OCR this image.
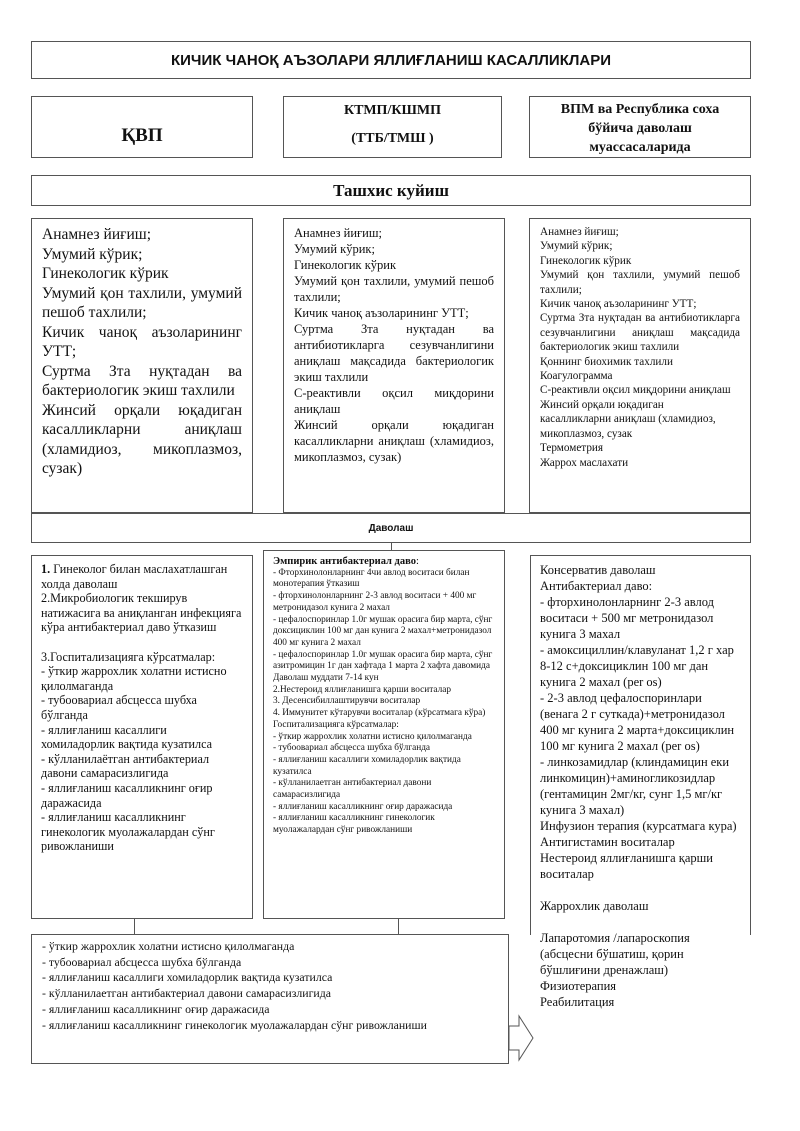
КИЧИК ЧАНОҚ АЪЗОЛАРИ ЯЛЛИҒЛАНИШ КАСАЛЛИКЛАРИ
ҚВП
КТМП/КШМП
(ТТБ/ТМШ )
ВПМ ва Республика соха бўйича даволаш муассасаларида
Ташхис куйиш
Анамнез йиғиш;
Умумий кўрик;
Гинекологик кўрик
Умумий қон тахлили, умумий пешоб тахлили;
Кичик чаноқ аъзоларининг УТТ;
Суртма Зта нуқтадан ва бактериологик экиш тахлили
Жинсий орқали юқадиган касалликларни аниқлаш (хламидиоз, микоплазмоз, сузак)
Анамнез йиғиш;
Умумий кўрик;
Гинекологик кўрик
Умумий қон тахлили, умумий пешоб тахлили;
Кичик чаноқ аъзоларининг УТТ;
Суртма Зта нуқтадан ва антибиотикларга сезувчанлигини аниқлаш мақсадида бактериологик экиш тахлили
С-реактивли оқсил миқдорини аниқлаш
Жинсий орқали юқадиган касалликларни аниқлаш (хламидиоз, микоплазмоз, сузак)
Анамнез йиғиш;
Умумий кўрик;
Гинекологик кўрик
Умумий қон тахлили, умумий пешоб тахлили;
Кичик чаноқ аъзоларининг УТТ;
Суртма Зта нуқтадан ва антибиотикларга сезувчанлигини аниқлаш мақсадида бактериологик экиш тахлили
Қоннинг биохимик тахлили
Коагулограмма
С-реактивли оқсил миқдорини аниқлаш
Жинсий орқали юқадиган
касалликларни аниқлаш (хламидиоз,
микоплазмоз, сузак
Термометрия
Жаррох маслахати
Даволаш
1. Гинеколог билан маслахатлашган холда даволаш
2.Микробиологик текширув натижасига ва аниқланган инфекцияга кўра антибактериал даво ўтказиш

3.Госпитализацияга кўрсатмалар:
- ўткир жаррохлик холатни истисно қилолмаганда
- тубоовариал абсцесса шубха бўлганда
- яллиғланиш касаллиги хомиладорлик вақтида кузатилса
- кўлланилаётган антибактериал давони самарасизлигида
- яллиғланиш касалликнинг оғир даражасида
- яллиғланиш касалликнинг гинекологик муолажалардан сўнг ривожланиши
Эмпирик антибактериал даво:
- Фторхинолонларнинг 4чи авлод воситаси билан монотерапия ўтказиш
- фторхинолонларнинг 2-3 авлод воситаси + 400 мг метронидазол кунига 2 махал
- цефалоспоринлар 1.0г мушак орасига бир марта, сўнг доксициклин 100 мг дан кунига 2 махал+метронидазол 400 мг кунига 2 махал
- цефалоспоринлар 1.0г мушак орасига бир марта, сўнг азитромицин 1г дан хафтада 1 марта 2 хафта давомида
Даволаш муддати 7-14 кун
2.Нестероид яллиғланишга қарши воситалар
3. Десенсибиллаштирувчи воситалар
4. Иммунитет кўтарувчи воситалар (кўрсатмага кўра)
Госпитализацияга кўрсатмалар:
- ўткир жаррохлик холатни истисно қилолмаганда
- тубоовариал абсцесса шубха бўлганда
- яллиғланиш касаллиги хомиладорлик вақтида кузатилса
- кўлланилаетган антибактериал давони самарасизлигида
- яллиғланиш касалликнинг оғир даражасида
- яллиғланиш касалликнинг гинекологик муолажалардан сўнг ривожланиши
Консерватив даволаш
Антибактериал даво:
- фторхинолонларнинг 2-3 авлод воситаси + 500 мг метронидазол кунига 3 махал
- амоксициллин/клавуланат 1,2 г хар 8-12 с+доксициклин 100 мг дан кунига 2 махал (per os)
- 2-3 авлод цефалоспоринлари (венага 2 г суткада)+метронидазол 400 мг кунига 2 марта+доксициклин 100 мг кунига 2 махал (per os)
- линкозамидлар (клиндамицин еки линкомицин)+аминогликозидлар (гентамицин 2мг/кг, сунг 1,5 мг/кг кунига 3 махал)
Инфузион терапия (курсатмага кура)
Антигистамин воситалар
Нестероид яллиғланишга қарши воситалар

Жаррохлик даволаш

Лапаротомия /лапароскопия (абсцесни бўшатиш, қорин бўшлиғини дренажлаш)
Физиотерапия
Реабилитация
- ўткир жаррохлик холатни истисно қилолмаганда
- тубоовариал абсцесса шубха бўлганда
- яллиғланиш касаллиги хомиладорлик вақтида кузатилса
- кўлланилаетган антибактериал давони самарасизлигида
- яллиғланиш касалликнинг оғир даражасида
- яллиғланиш касалликнинг гинекологик муолажалардан сўнг ривожланиши
